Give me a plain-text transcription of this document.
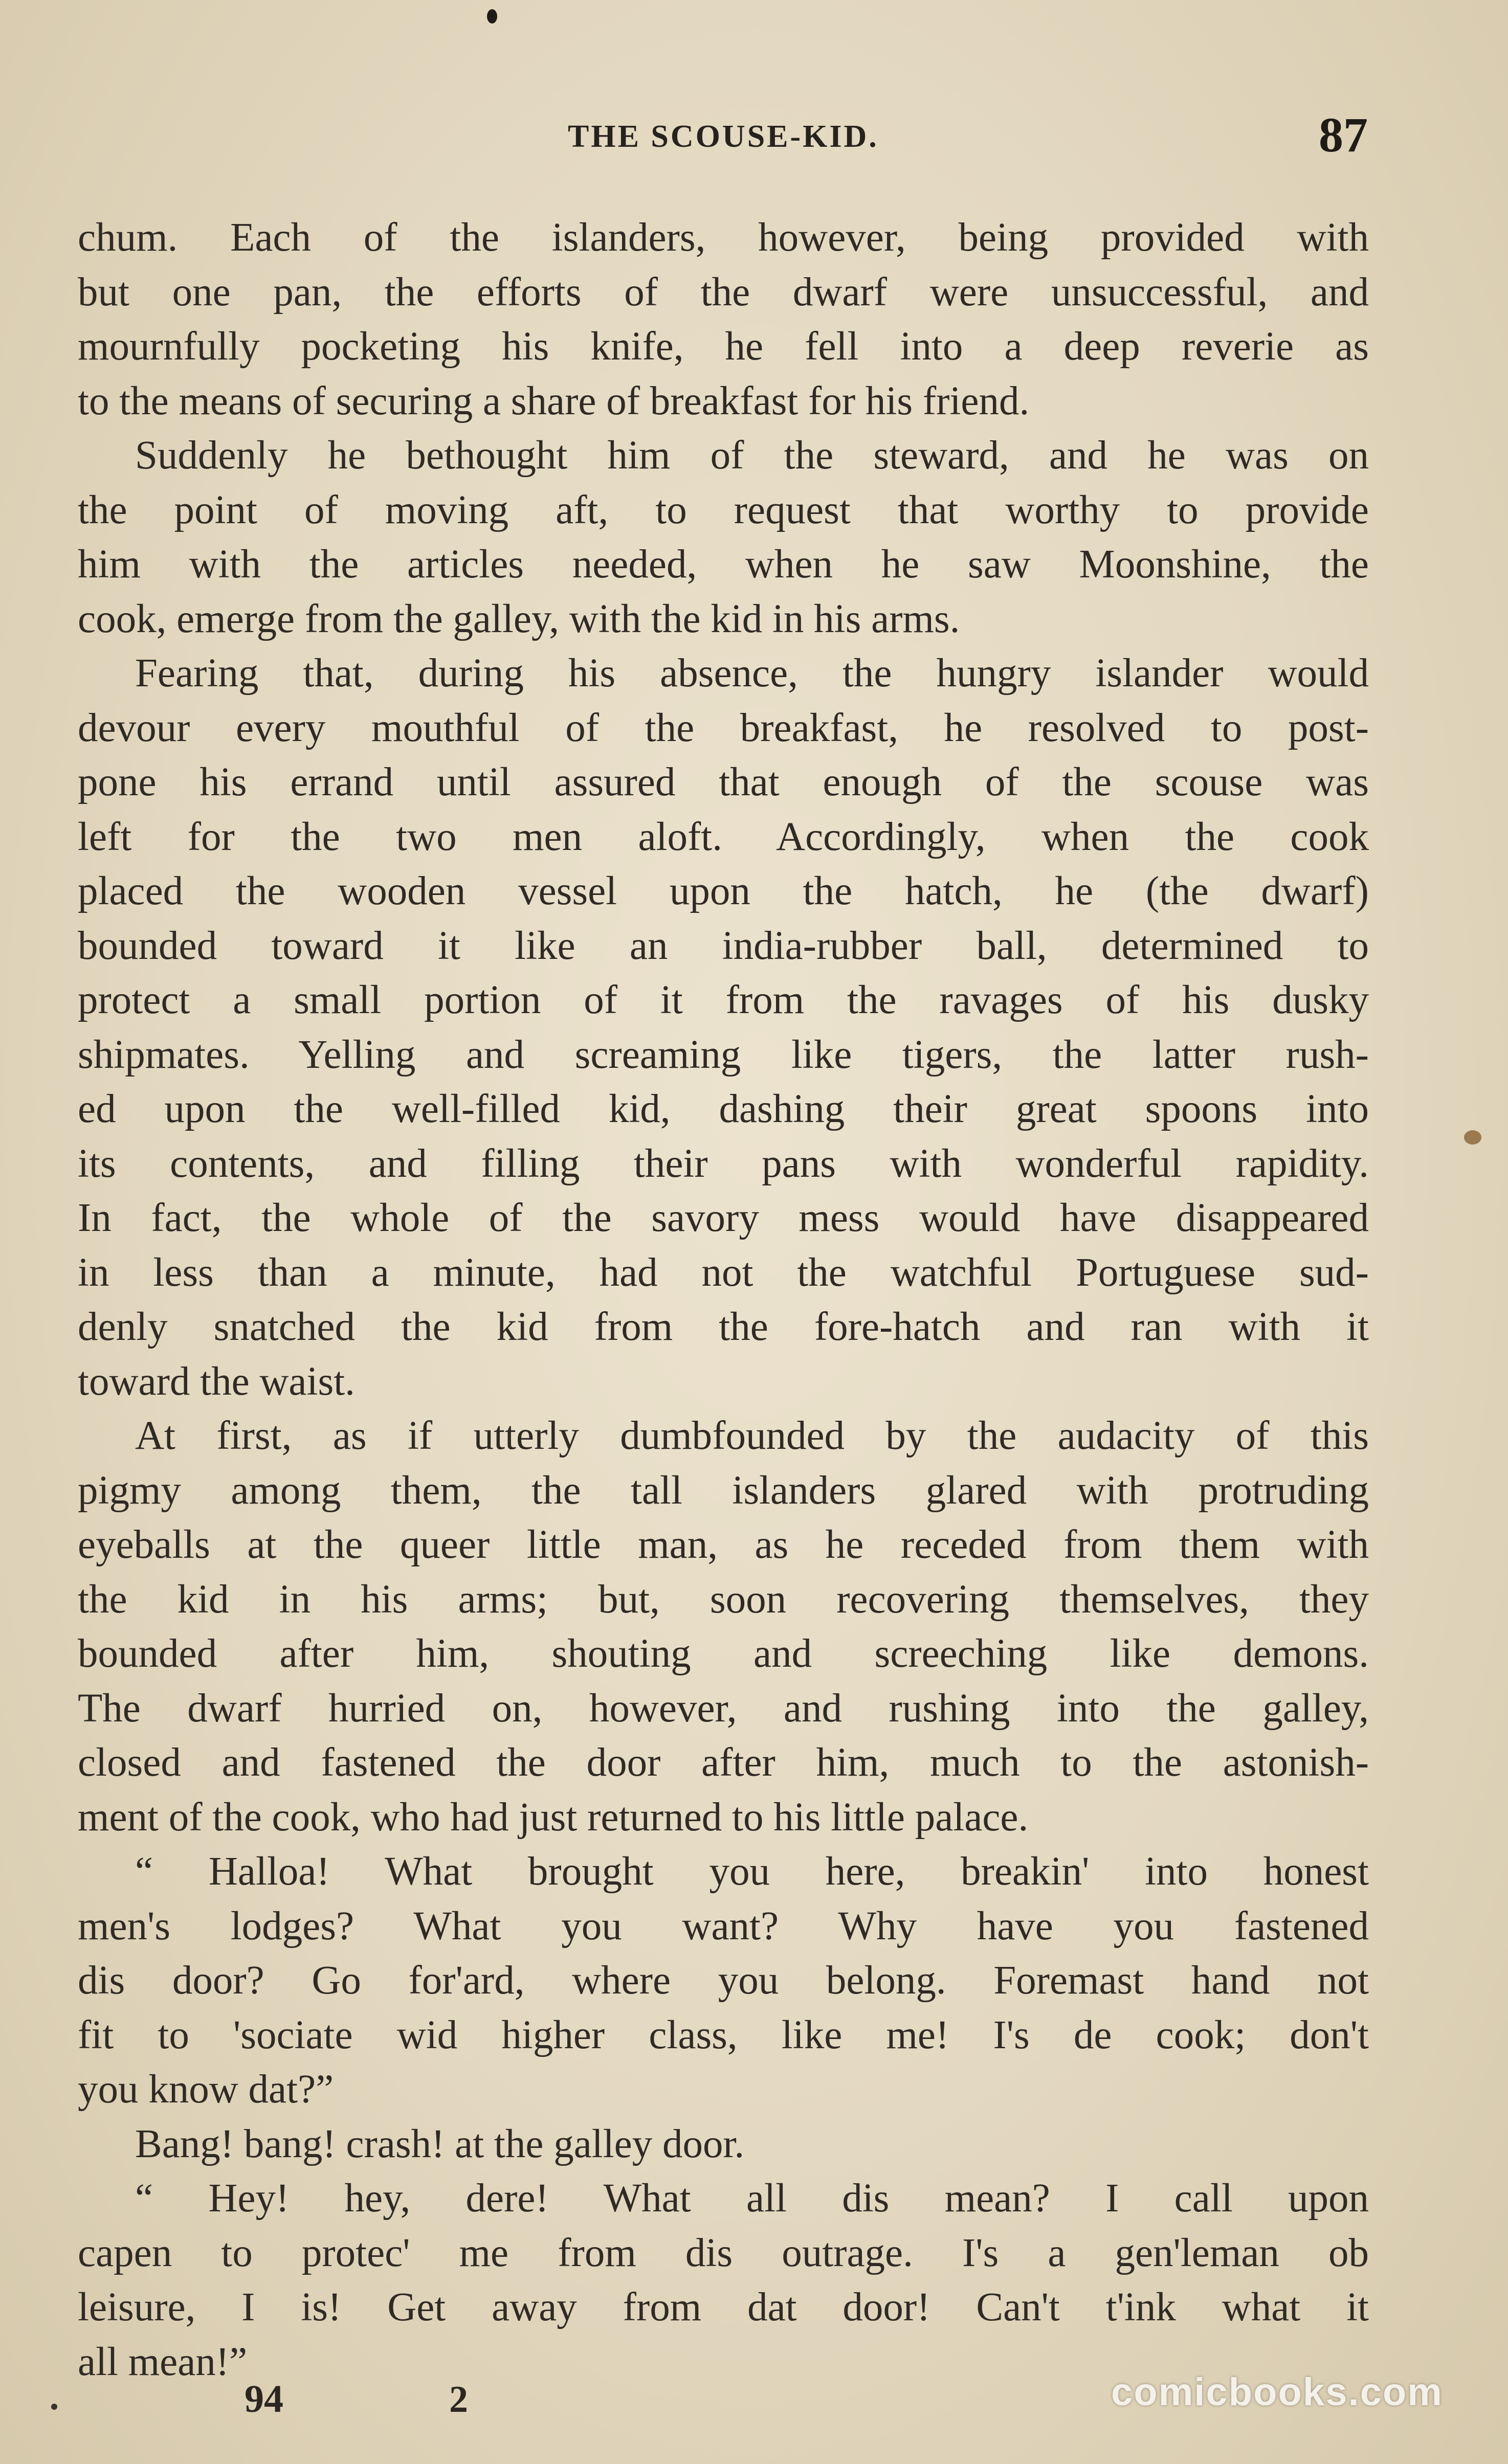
THE SCOUSE-KID.	87
chum. Each of the islanders, however, being provided with
but one pan, the efforts of the dwarf were unsuccessful, and
mournfully pocketing his knife, he fell into a deep reverie as
to the means of securing a share of breakfast for his friend.
Suddenly he bethought him of the steward, and he was on
the point of moving aft, to request that worthy to provide
him with the articles needed, when he saw Moonshine, the
cook, emerge from the galley, with the kid in his arms.
Fearing that, during his absence, the hungry islander would
devour every mouthful of the breakfast, he resolved to post-
pone his errand until assured that enough of the scouse was
left for the two men aloft. Accordingly, when the cook
placed the wooden vessel upon the hatch, he (the dwarf)
bounded toward it like an india-rubber ball, determined to
protect a small portion of it from the ravages of his dusky
shipmates. Yelling and screaming like tigers, the latter rush-
ed upon the well-filled kid, dashing their great spoons into
its contents, and filling their pans with wonderful rapidity.
In fact, the whole of the savory mess would have disappeared
in less than a minute, had not the watchful Portuguese sud-
denly snatched the kid from the fore-hatch and ran with it
toward the waist.
At first, as if utterly dumbfounded by the audacity of this
pigmy among them, the tall islanders glared with protruding
eyeballs at the queer little man, as he receded from them with
the kid in his arms; but, soon recovering themselves, they
bounded after him, shouting and screeching like demons.
The dwarf hurried on, however, and rushing into the galley,
closed and fastened the door after him, much to the astonish-
ment of the cook, who had just returned to his little palace.
“ Halloa! What brought you here, breakin' into honest
men's lodges? What you want? Why have you fastened
dis door? Go for'ard, where you belong. Foremast hand not
fit to 'sociate wid higher class, like me! I's de cook; don't
you know dat?”
Bang! bang! crash! at the galley door.
“ Hey! hey, dere! What all dis mean? I call upon
capen to protec' me from dis outrage. I's a gen'leman ob
leisure, I is! Get away from dat door! Can't t'ink what it
all mean!”
94	2	comicbooks.com
